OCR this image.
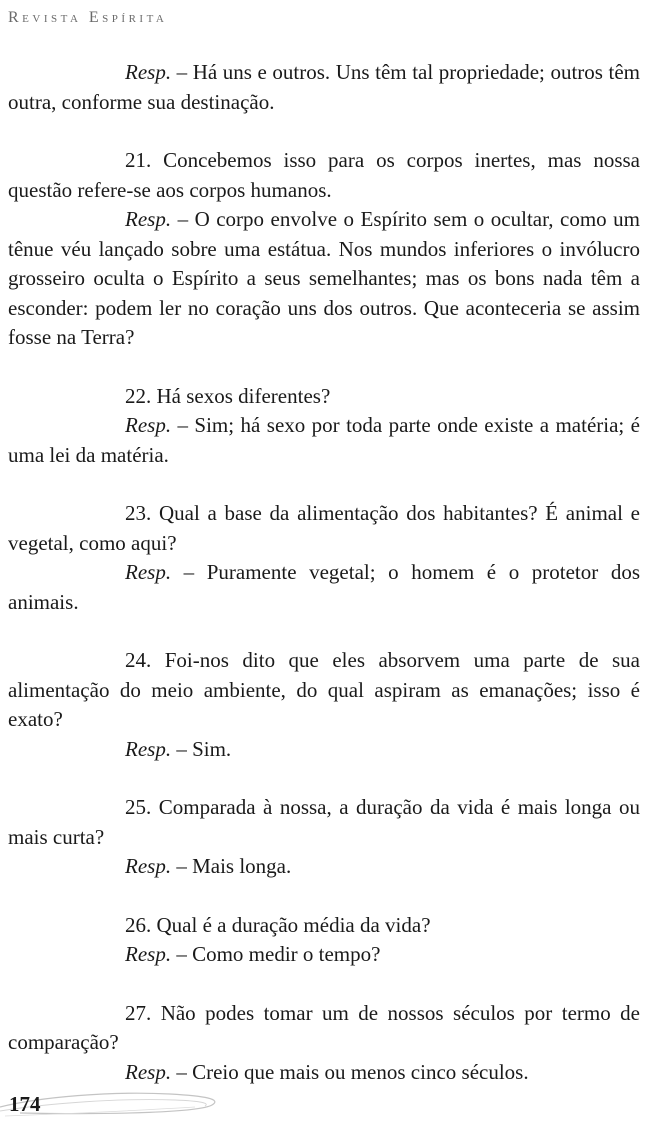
Revista Espírita

Resp. – Há uns e outros. Uns têm tal propriedade; outros têm outra, conforme sua destinação.

21. Concebemos isso para os corpos inertes, mas nossa questão refere-se aos corpos humanos.

Resp. – O corpo envolve o Espírito sem o ocultar, como um tênue véu lançado sobre uma estátua. Nos mundos inferiores o invólucro grosseiro oculta o Espírito a seus semelhantes; mas os bons nada têm a esconder: podem ler no coração uns dos outros. Que aconteceria se assim fosse na Terra?

22. Há sexos diferentes?

Resp. – Sim; há sexo por toda parte onde existe a matéria; é uma lei da matéria.

23. Qual a base da alimentação dos habitantes? É animal e vegetal, como aqui?

Resp. – Puramente vegetal; o homem é o protetor dos animais.

24. Foi-nos dito que eles absorvem uma parte de sua alimentação do meio ambiente, do qual aspiram as emanações; isso é exato?

Resp. – Sim.

25. Comparada à nossa, a duração da vida é mais longa ou mais curta?

Resp. – Mais longa.

26. Qual é a duração média da vida?

Resp. – Como medir o tempo?

27. Não podes tomar um de nossos séculos por termo de comparação?

Resp. – Creio que mais ou menos cinco séculos.

174
